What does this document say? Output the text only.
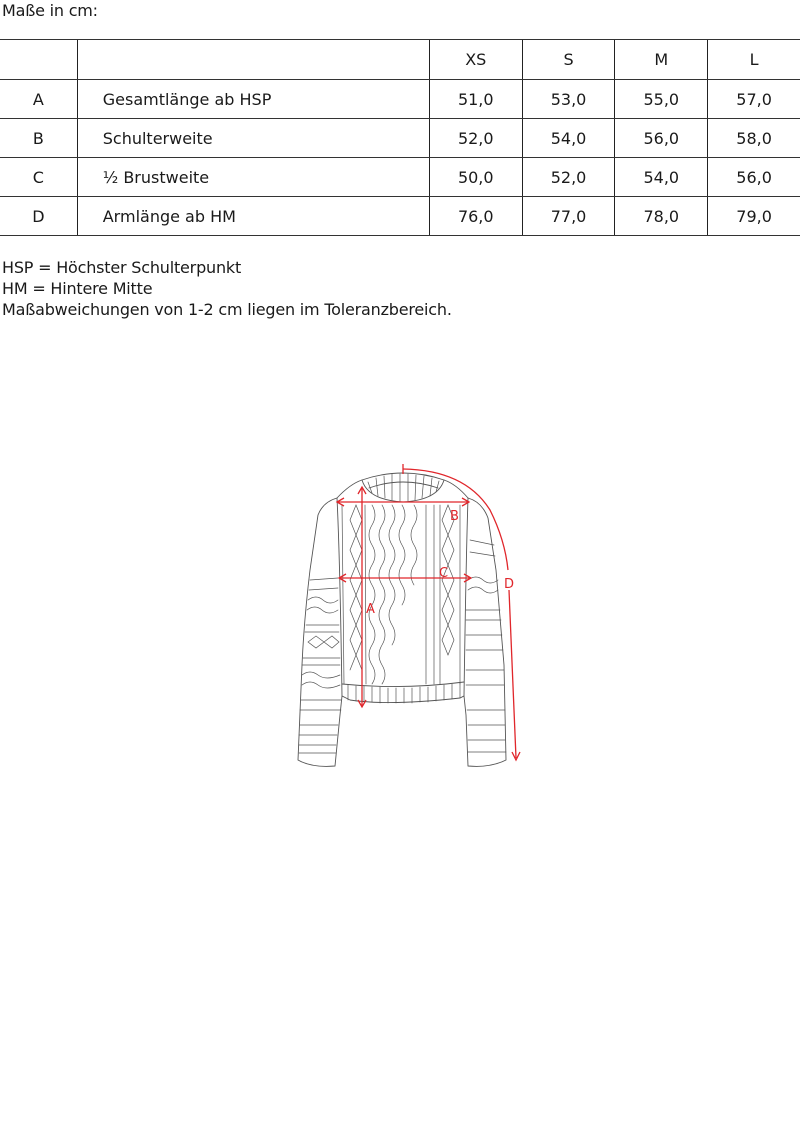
Maße in cm:
		XS	S	M	L
A	Gesamtlänge ab HSP	51,0	53,0	55,0	57,0
B	Schulterweite	52,0	54,0	56,0	58,0
C	½ Brustweite	50,0	52,0	54,0	56,0
D	Armlänge ab HM	76,0	77,0	78,0	79,0
HSP = Höchster Schulterpunkt
HM = Hintere Mitte
Maßabweichungen von 1-2 cm liegen im Toleranzbereich.
A
B
C
D
